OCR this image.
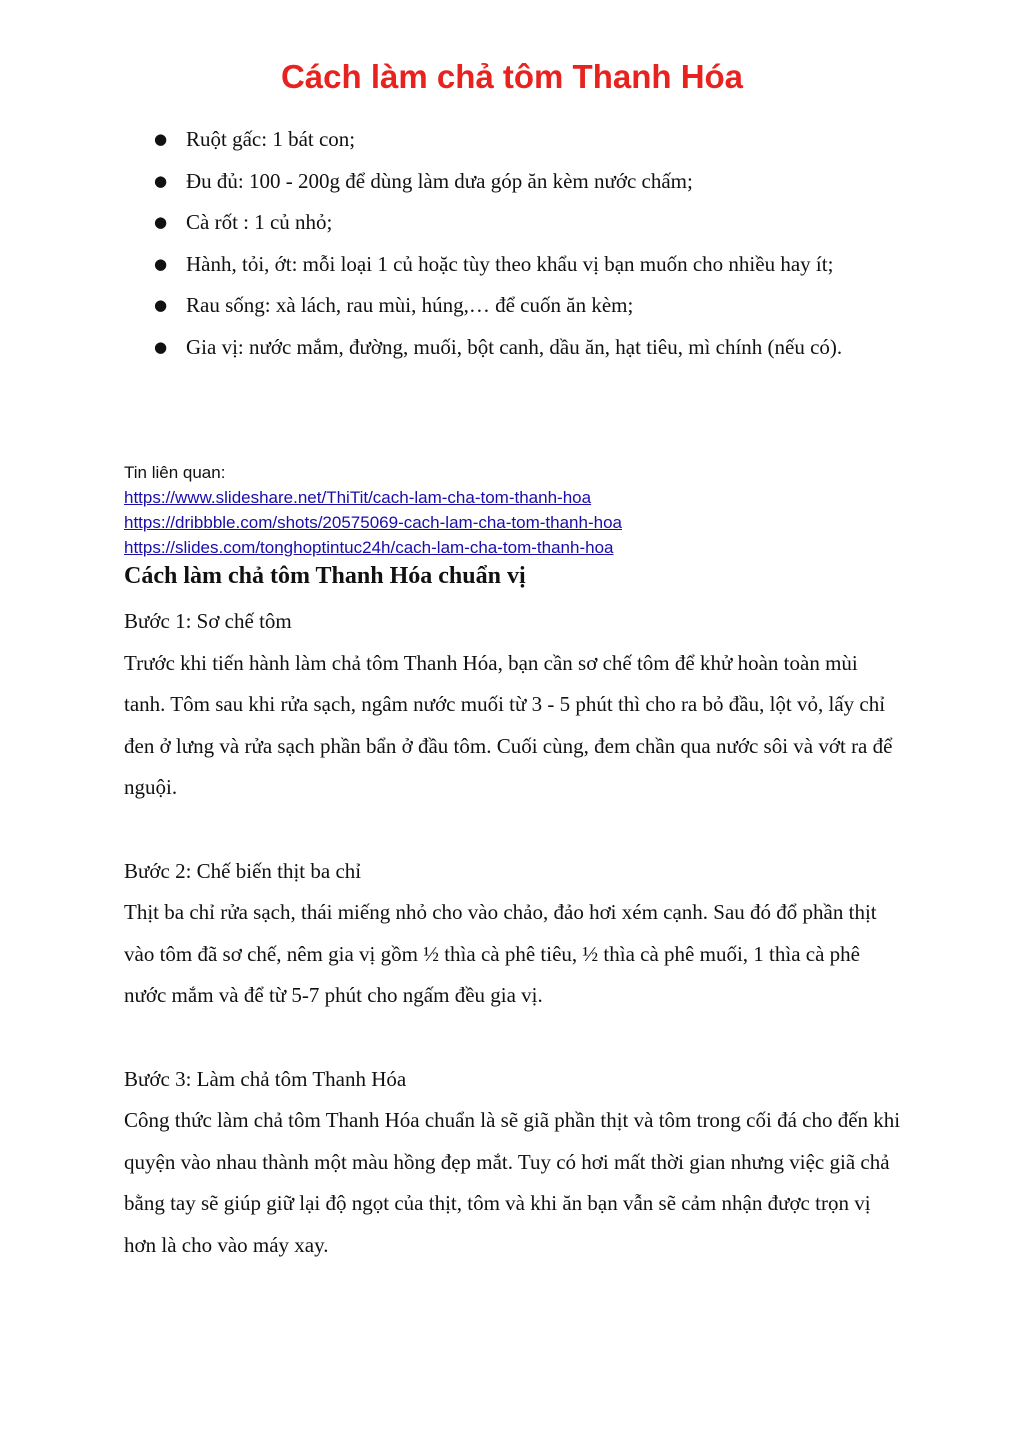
Cách làm chả tôm Thanh Hóa
● Ruột gấc: 1 bát con;
● Đu đủ: 100 - 200g để dùng làm dưa góp ăn kèm nước chấm;
● Cà rốt : 1 củ nhỏ;
● Hành, tỏi, ớt: mỗi loại 1 củ hoặc tùy theo khẩu vị bạn muốn cho nhiều hay ít;
● Rau sống: xà lách, rau mùi, húng,… để cuốn ăn kèm;
● Gia vị: nước mắm, đường, muối, bột canh, dầu ăn, hạt tiêu, mì chính (nếu có).
Tin liên quan:
https://www.slideshare.net/ThiTit/cach-lam-cha-tom-thanh-hoa
https://dribbble.com/shots/20575069-cach-lam-cha-tom-thanh-hoa
https://slides.com/tonghoptintuc24h/cach-lam-cha-tom-thanh-hoa
Cách làm chả tôm Thanh Hóa chuẩn vị

Bước 1: Sơ chế tôm

Trước khi tiến hành làm chả tôm Thanh Hóa, bạn cần sơ chế tôm để khử hoàn toàn mùi tanh. Tôm sau khi rửa sạch, ngâm nước muối từ 3 - 5 phút thì cho ra bỏ đầu, lột vỏ, lấy chỉ đen ở lưng và rửa sạch phần bẩn ở đầu tôm. Cuối cùng, đem chần qua nước sôi và vớt ra để nguội.

Bước 2: Chế biến thịt ba chỉ

Thịt ba chỉ rửa sạch, thái miếng nhỏ cho vào chảo, đảo hơi xém cạnh. Sau đó đổ phần thịt vào tôm đã sơ chế, nêm gia vị gồm ½ thìa cà phê tiêu, ½ thìa cà phê muối, 1 thìa cà phê nước mắm và để từ 5-7 phút cho ngấm đều gia vị.

Bước 3: Làm chả tôm Thanh Hóa

Công thức làm chả tôm Thanh Hóa chuẩn là sẽ giã phần thịt và tôm trong cối đá cho đến khi quyện vào nhau thành một màu hồng đẹp mắt. Tuy có hơi mất thời gian nhưng việc giã chả bằng tay sẽ giúp giữ lại độ ngọt của thịt, tôm và khi ăn bạn vẫn sẽ cảm nhận được trọn vị hơn là cho vào máy xay.
